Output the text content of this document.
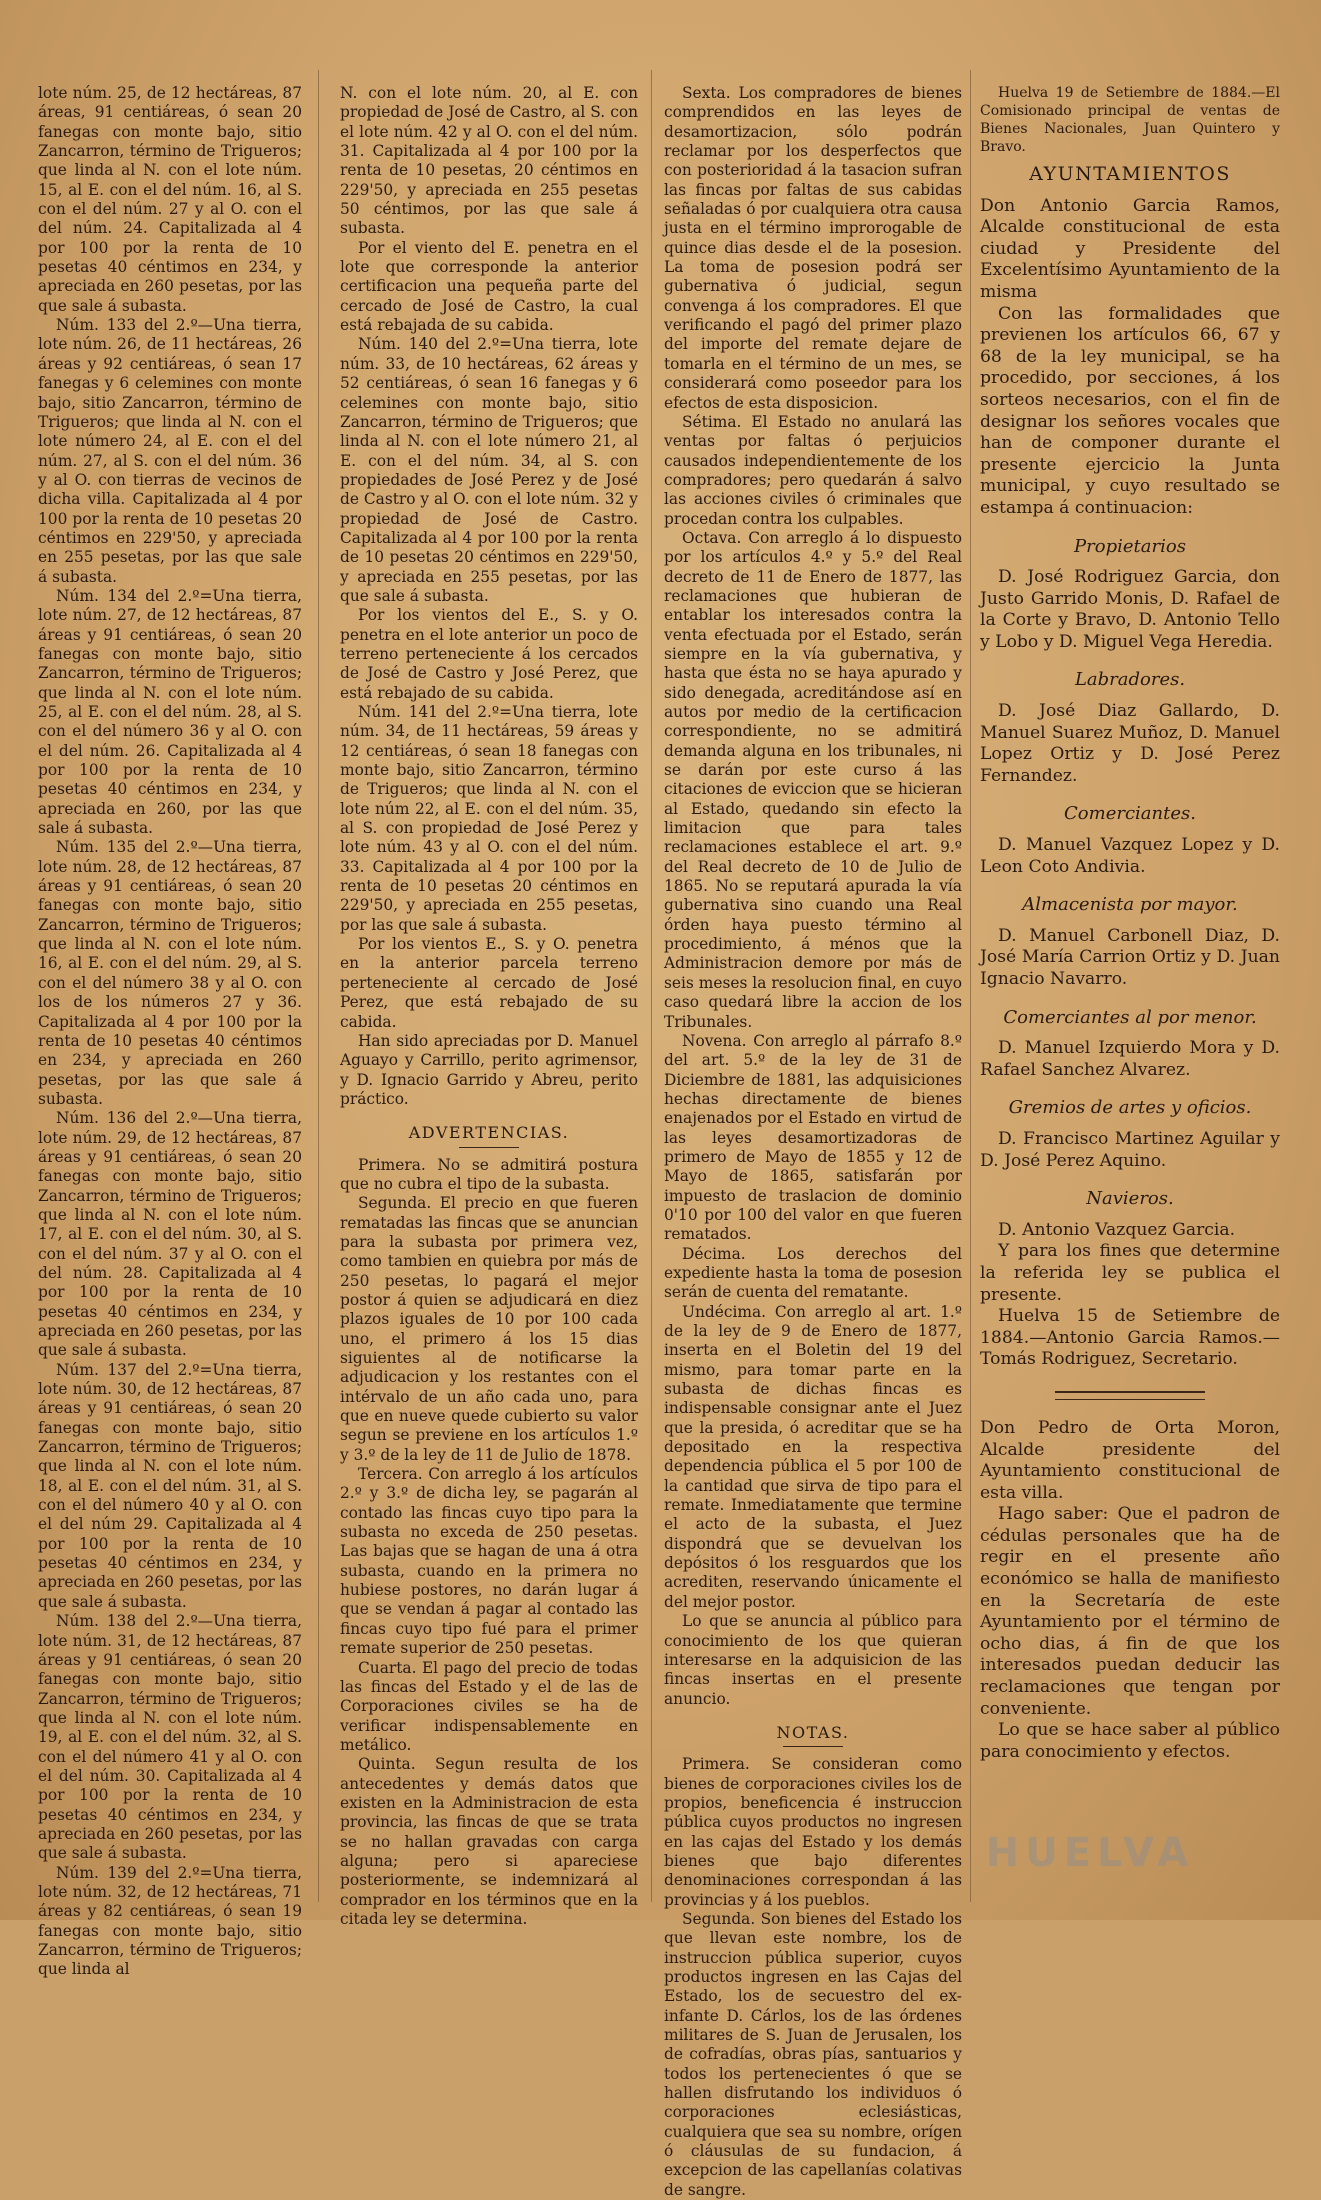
lote núm. 25, de 12 hectáreas, 87 áreas, 91 centiáreas, ó sean 20 fanegas con monte bajo, sitio Zancarron, término de Trigueros; que linda al N. con el lote núm. 15, al E. con el del núm. 16, al S. con el del núm. 27 y al O. con el del núm. 24. Capitalizada al 4 por 100 por la renta de 10 pesetas 40 céntimos en 234, y apreciada en 260 pesetas, por las que sale á subasta.

Núm. 133 del 2.º—Una tierra, lote núm. 26, de 11 hectáreas, 26 áreas y 92 centiáreas, ó sean 17 fanegas y 6 celemines con monte bajo, sitio Zancarron, término de Trigueros; que linda al N. con el lote número 24, al E. con el del núm. 27, al S. con el del núm. 36 y al O. con tierras de vecinos de dicha villa. Capitalizada al 4 por 100 por la renta de 10 pesetas 20 céntimos en 229'50, y apreciada en 255 pesetas, por las que sale á subasta.

Núm. 134 del 2.º=Una tierra, lote núm. 27, de 12 hectáreas, 87 áreas y 91 centiáreas, ó sean 20 fanegas con monte bajo, sitio Zancarron, término de Trigueros; que linda al N. con el lote núm. 25, al E. con el del núm. 28, al S. con el del número 36 y al O. con el del núm. 26. Capitalizada al 4 por 100 por la renta de 10 pesetas 40 céntimos en 234, y apreciada en 260, por las que sale á subasta.

Núm. 135 del 2.º—Una tierra, lote núm. 28, de 12 hectáreas, 87 áreas y 91 centiáreas, ó sean 20 fanegas con monte bajo, sitio Zancarron, término de Trigueros; que linda al N. con el lote núm. 16, al E. con el del núm. 29, al S. con el del número 38 y al O. con los de los números 27 y 36. Capitalizada al 4 por 100 por la renta de 10 pesetas 40 céntimos en 234, y apreciada en 260 pesetas, por las que sale á subasta.

Núm. 136 del 2.º—Una tierra, lote núm. 29, de 12 hectáreas, 87 áreas y 91 centiáreas, ó sean 20 fanegas con monte bajo, sitio Zancarron, término de Trigueros; que linda al N. con el lote núm. 17, al E. con el del núm. 30, al S. con el del núm. 37 y al O. con el del núm. 28. Capitalizada al 4 por 100 por la renta de 10 pesetas 40 céntimos en 234, y apreciada en 260 pesetas, por las que sale á subasta.

Núm. 137 del 2.º=Una tierra, lote núm. 30, de 12 hectáreas, 87 áreas y 91 centiáreas, ó sean 20 fanegas con monte bajo, sitio Zancarron, término de Trigueros; que linda al N. con el lote núm. 18, al E. con el del núm. 31, al S. con el del número 40 y al O. con el del núm 29. Capitalizada al 4 por 100 por la renta de 10 pesetas 40 céntimos en 234, y apreciada en 260 pesetas, por las que sale á subasta.

Núm. 138 del 2.º—Una tierra, lote núm. 31, de 12 hectáreas, 87 áreas y 91 centiáreas, ó sean 20 fanegas con monte bajo, sitio Zancarron, término de Trigueros; que linda al N. con el lote núm. 19, al E. con el del núm. 32, al S. con el del número 41 y al O. con el del núm. 30. Capitalizada al 4 por 100 por la renta de 10 pesetas 40 céntimos en 234, y apreciada en 260 pesetas, por las que sale á subasta.

Núm. 139 del 2.º=Una tierra, lote núm. 32, de 12 hectáreas, 71 áreas y 82 centiáreas, ó sean 19 fanegas con monte bajo, sitio Zancarron, término de Trigueros; que linda al

N. con el lote núm. 20, al E. con propiedad de José de Castro, al S. con el lote núm. 42 y al O. con el del núm. 31. Capitalizada al 4 por 100 por la renta de 10 pesetas, 20 céntimos en 229'50, y apreciada en 255 pesetas 50 céntimos, por las que sale á subasta.

Por el viento del E. penetra en el lote que corresponde la anterior certificacion una pequeña parte del cercado de José de Castro, la cual está rebajada de su cabida.

Núm. 140 del 2.º=Una tierra, lote núm. 33, de 10 hectáreas, 62 áreas y 52 centiáreas, ó sean 16 fanegas y 6 celemines con monte bajo, sitio Zancarron, término de Trigueros; que linda al N. con el lote número 21, al E. con el del núm. 34, al S. con propiedades de José Perez y de José de Castro y al O. con el lote núm. 32 y propiedad de José de Castro. Capitalizada al 4 por 100 por la renta de 10 pesetas 20 céntimos en 229'50, y apreciada en 255 pesetas, por las que sale á subasta.

Por los vientos del E., S. y O. penetra en el lote anterior un poco de terreno perteneciente á los cercados de José de Castro y José Perez, que está rebajado de su cabida.

Núm. 141 del 2.º=Una tierra, lote núm. 34, de 11 hectáreas, 59 áreas y 12 centiáreas, ó sean 18 fanegas con monte bajo, sitio Zancarron, término de Trigueros; que linda al N. con el lote núm 22, al E. con el del núm. 35, al S. con propiedad de José Perez y lote núm. 43 y al O. con el del núm. 33. Capitalizada al 4 por 100 por la renta de 10 pesetas 20 céntimos en 229'50, y apreciada en 255 pesetas, por las que sale á subasta.

Por los vientos E., S. y O. penetra en la anterior parcela terreno perteneciente al cercado de José Perez, que está rebajado de su cabida.

Han sido apreciadas por D. Manuel Aguayo y Carrillo, perito agrimensor, y D. Ignacio Garrido y Abreu, perito práctico.

ADVERTENCIAS.

Primera. No se admitirá postura que no cubra el tipo de la subasta.

Segunda. El precio en que fueren rematadas las fincas que se anuncian para la subasta por primera vez, como tambien en quiebra por más de 250 pesetas, lo pagará el mejor postor á quien se adjudicará en diez plazos iguales de 10 por 100 cada uno, el primero á los 15 dias siguientes al de notificarse la adjudicacion y los restantes con el intérvalo de un año cada uno, para que en nueve quede cubierto su valor segun se previene en los artículos 1.º y 3.º de la ley de 11 de Julio de 1878.

Tercera. Con arreglo á los artículos 2.º y 3.º de dicha ley, se pagarán al contado las fincas cuyo tipo para la subasta no exceda de 250 pesetas. Las bajas que se hagan de una á otra subasta, cuando en la primera no hubiese postores, no darán lugar á que se vendan á pagar al contado las fincas cuyo tipo fué para el primer remate superior de 250 pesetas.

Cuarta. El pago del precio de todas las fincas del Estado y el de las de Corporaciones civiles se ha de verificar indispensablemente en metálico.

Quinta. Segun resulta de los antecedentes y demás datos que existen en la Administracion de esta provincia, las fincas de que se trata se no hallan gravadas con carga alguna; pero si apareciese posteriormente, se indemnizará al comprador en los términos que en la citada ley se determina.

Sexta. Los compradores de bienes comprendidos en las leyes de desamortizacion, sólo podrán reclamar por los desperfectos que con posterioridad á la tasacion sufran las fincas por faltas de sus cabidas señaladas ó por cualquiera otra causa justa en el término improrogable de quince dias desde el de la posesion. La toma de posesion podrá ser gubernativa ó judicial, segun convenga á los compradores. El que verificando el pagó del primer plazo del importe del remate dejare de tomarla en el término de un mes, se considerará como poseedor para los efectos de esta disposicion.

Sétima. El Estado no anulará las ventas por faltas ó perjuicios causados independientemente de los compradores; pero quedarán á salvo las acciones civiles ó criminales que procedan contra los culpables.

Octava. Con arreglo á lo dispuesto por los artículos 4.º y 5.º del Real decreto de 11 de Enero de 1877, las reclamaciones que hubieran de entablar los interesados contra la venta efectuada por el Estado, serán siempre en la vía gubernativa, y hasta que ésta no se haya apurado y sido denegada, acreditándose así en autos por medio de la certificacion correspondiente, no se admitirá demanda alguna en los tribunales, ni se darán por este curso á las citaciones de eviccion que se hicieran al Estado, quedando sin efecto la limitacion que para tales reclamaciones establece el art. 9.º del Real decreto de 10 de Julio de 1865. No se reputará apurada la vía gubernativa sino cuando una Real órden haya puesto término al procedimiento, á ménos que la Administracion demore por más de seis meses la resolucion final, en cuyo caso quedará libre la accion de los Tribunales.

Novena. Con arreglo al párrafo 8.º del art. 5.º de la ley de 31 de Diciembre de 1881, las adquisiciones hechas directamente de bienes enajenados por el Estado en virtud de las leyes desamortizadoras de primero de Mayo de 1855 y 12 de Mayo de 1865, satisfarán por impuesto de traslacion de dominio 0'10 por 100 del valor en que fueren rematados.

Décima. Los derechos del expediente hasta la toma de posesion serán de cuenta del rematante.

Undécima. Con arreglo al art. 1.º de la ley de 9 de Enero de 1877, inserta en el Boletin del 19 del mismo, para tomar parte en la subasta de dichas fincas es indispensable consignar ante el Juez que la presida, ó acreditar que se ha depositado en la respectiva dependencia pública el 5 por 100 de la cantidad que sirva de tipo para el remate. Inmediatamente que termine el acto de la subasta, el Juez dispondrá que se devuelvan los depósitos ó los resguardos que los acrediten, reservando únicamente el del mejor postor.

Lo que se anuncia al público para conocimiento de los que quieran interesarse en la adquisicion de las fincas insertas en el presente anuncio.

NOTAS.

Primera. Se consideran como bienes de corporaciones civiles los de propios, beneficencia é instruccion pública cuyos productos no ingresen en las cajas del Estado y los demás bienes que bajo diferentes denominaciones correspondan á las provincias y á los pueblos.

Segunda. Son bienes del Estado los que llevan este nombre, los de instruccion pública superior, cuyos productos ingresen en las Cajas del Estado, los de secuestro del ex-infante D. Cárlos, los de las órdenes militares de S. Juan de Jerusalen, los de cofradías, obras pías, santuarios y todos los pertenecientes ó que se hallen disfrutando los individuos ó corporaciones eclesiásticas, cualquiera que sea su nombre, orígen ó cláusulas de su fundacion, á excepcion de las capellanías colativas de sangre.

Huelva 19 de Setiembre de 1884.—El Comisionado principal de ventas de Bienes Nacionales, Juan Quintero y Bravo.

AYUNTAMIENTOS

Don Antonio Garcia Ramos, Alcalde constitucional de esta ciudad y Presidente del Excelentísimo Ayuntamiento de la misma

Con las formalidades que previenen los artículos 66, 67 y 68 de la ley municipal, se ha procedido, por secciones, á los sorteos necesarios, con el fin de designar los señores vocales que han de componer durante el presente ejercicio la Junta municipal, y cuyo resultado se estampa á continuacion:

Propietarios

D. José Rodriguez Garcia, don Justo Garrido Monis, D. Rafael de la Corte y Bravo, D. Antonio Tello y Lobo y D. Miguel Vega Heredia.

Labradores.

D. José Diaz Gallardo, D. Manuel Suarez Muñoz, D. Manuel Lopez Ortiz y D. José Perez Fernandez.

Comerciantes.

D. Manuel Vazquez Lopez y D. Leon Coto Andivia.

Almacenista por mayor.

D. Manuel Carbonell Diaz, D. José María Carrion Ortiz y D. Juan Ignacio Navarro.

Comerciantes al por menor.

D. Manuel Izquierdo Mora y D. Rafael Sanchez Alvarez.

Gremios de artes y oficios.

D. Francisco Martinez Aguilar y D. José Perez Aquino.

Navieros.

D. Antonio Vazquez Garcia.

Y para los fines que determine la referida ley se publica el presente.

Huelva 15 de Setiembre de 1884.—Antonio Garcia Ramos.—Tomás Rodriguez, Secretario.

Don Pedro de Orta Moron, Alcalde presidente del Ayuntamiento constitucional de esta villa.

Hago saber: Que el padron de cédulas personales que ha de regir en el presente año económico se halla de manifiesto en la Secretaría de este Ayuntamiento por el término de ocho dias, á fin de que los interesados puedan deducir las reclamaciones que tengan por conveniente.

Lo que se hace saber al público para conocimiento y efectos.

HUELVA
